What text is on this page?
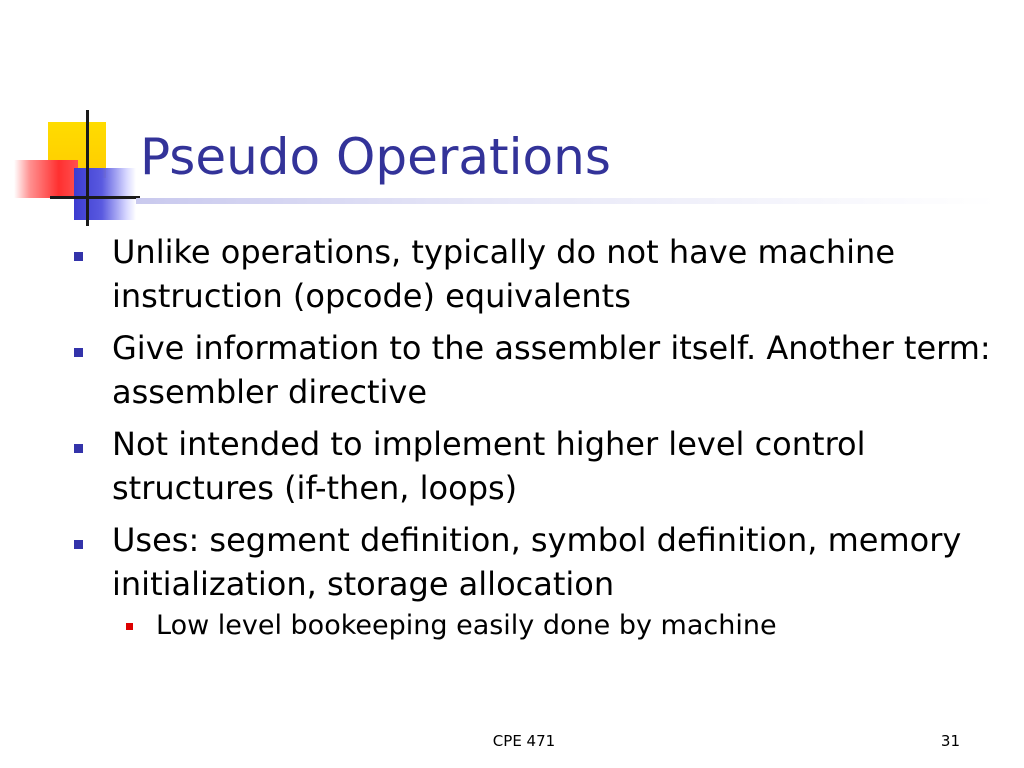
Pseudo Operations
Unlike operations, typically do not have machine instruction (opcode) equivalents
Give information to the assembler itself. Another term: assembler directive
Not intended to implement higher level control structures (if-then, loops)
Uses: segment definition, symbol definition, memory initialization, storage allocation
Low level bookeeping easily done by machine
CPE 471	31
